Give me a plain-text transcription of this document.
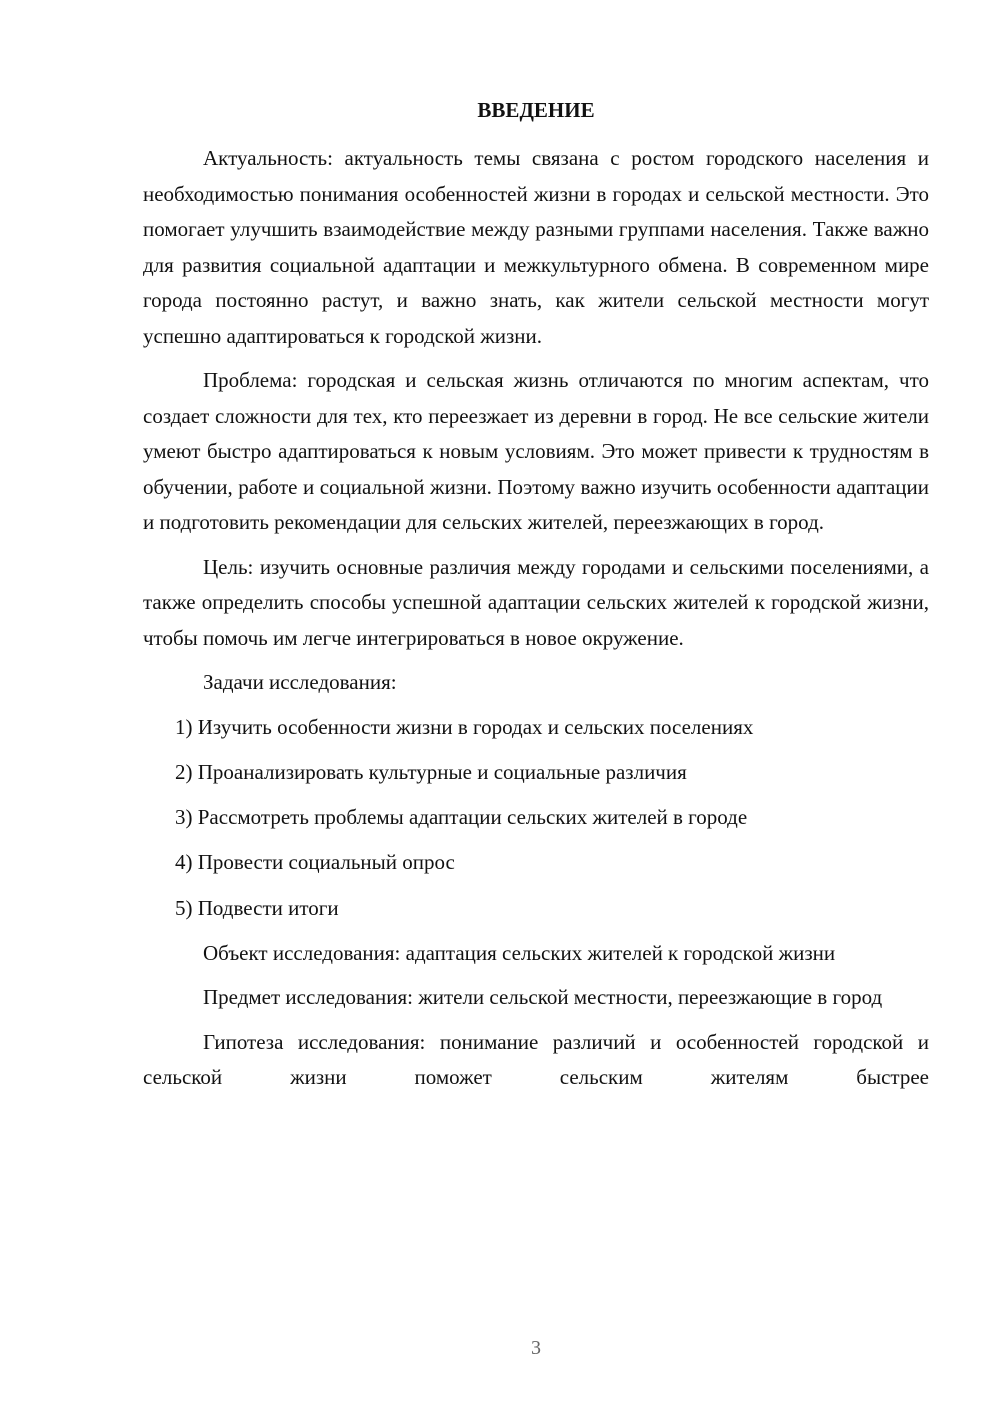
ВВЕДЕНИЕ

Актуальность: актуальность темы связана с ростом городского населения и необходимостью понимания особенностей жизни в городах и сельской местности. Это помогает улучшить взаимодействие между разными группами населения. Также важно для развития социальной адаптации и межкультурного обмена. В современном мире города постоянно растут, и важно знать, как жители сельской местности могут успешно адаптироваться к городской жизни.

Проблема: городская и сельская жизнь отличаются по многим аспектам, что создает сложности для тех, кто переезжает из деревни в город. Не все сельские жители умеют быстро адаптироваться к новым условиям. Это может привести к трудностям в обучении, работе и социальной жизни. Поэтому важно изучить особенности адаптации и подготовить рекомендации для сельских жителей, переезжающих в город.

Цель: изучить основные различия между городами и сельскими поселениями, а также определить способы успешной адаптации сельских жителей к городской жизни, чтобы помочь им легче интегрироваться в новое окружение.

Задачи исследования:

1) Изучить особенности жизни в городах и сельских поселениях
2) Проанализировать культурные и социальные различия
3) Рассмотреть проблемы адаптации сельских жителей в городе
4) Провести социальный опрос
5) Подвести итоги

Объект исследования: адаптация сельских жителей к городской жизни

Предмет исследования: жители сельской местности, переезжающие в город

Гипотеза исследования: понимание различий и особенностей городской и сельской жизни поможет сельским жителям быстрее

3
